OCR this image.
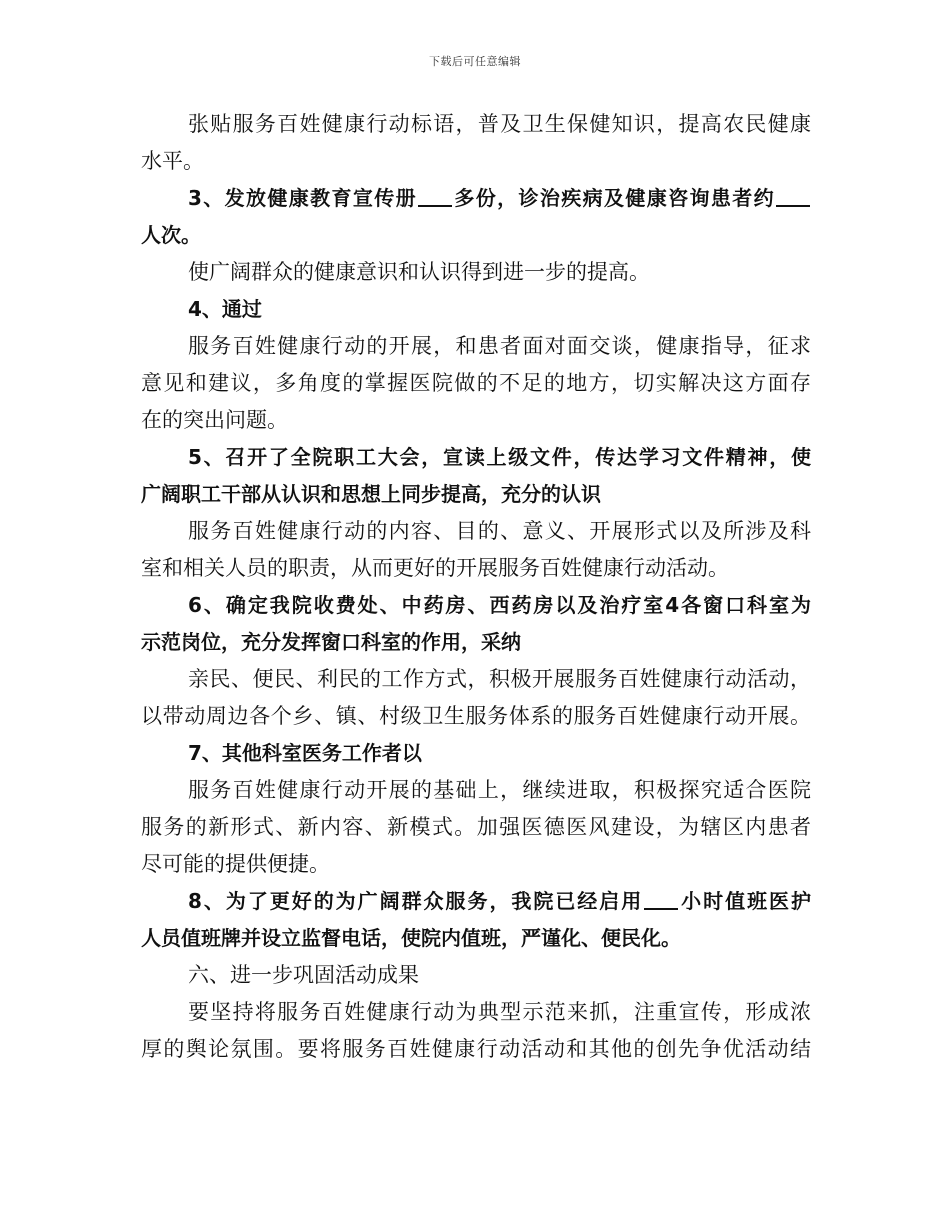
下载后可任意编辑
张贴服务百姓健康行动标语，普及卫生保健知识，提高农民健康
水平。
3、发放健康教育宣传册 多份，诊治疾病及健康咨询患者约
人次。
使广阔群众的健康意识和认识得到进一步的提高。
4、通过
服务百姓健康行动的开展，和患者面对面交谈，健康指导，征求
意见和建议，多角度的掌握医院做的不足的地方，切实解决这方面存
在的突出问题。
5、召开了全院职工大会，宣读上级文件，传达学习文件精神，使
广阔职工干部从认识和思想上同步提高，充分的认识
服务百姓健康行动的内容、目的、意义、开展形式以及所涉及科
室和相关人员的职责，从而更好的开展服务百姓健康行动活动。
6、确定我院收费处、中药房、西药房以及治疗室4各窗口科室为
示范岗位，充分发挥窗口科室的作用，采纳
亲民、便民、利民的工作方式，积极开展服务百姓健康行动活动，
以带动周边各个乡、镇、村级卫生服务体系的服务百姓健康行动开展。
7、其他科室医务工作者以
服务百姓健康行动开展的基础上，继续进取，积极探究适合医院
服务的新形式、新内容、新模式。加强医德医风建设，为辖区内患者
尽可能的提供便捷。
8、为了更好的为广阔群众服务，我院已经启用 小时值班医护
人员值班牌并设立监督电话，使院内值班，严谨化、便民化。
六、进一步巩固活动成果
要坚持将服务百姓健康行动为典型示范来抓，注重宣传，形成浓
厚的舆论氛围。要将服务百姓健康行动活动和其他的创先争优活动结
